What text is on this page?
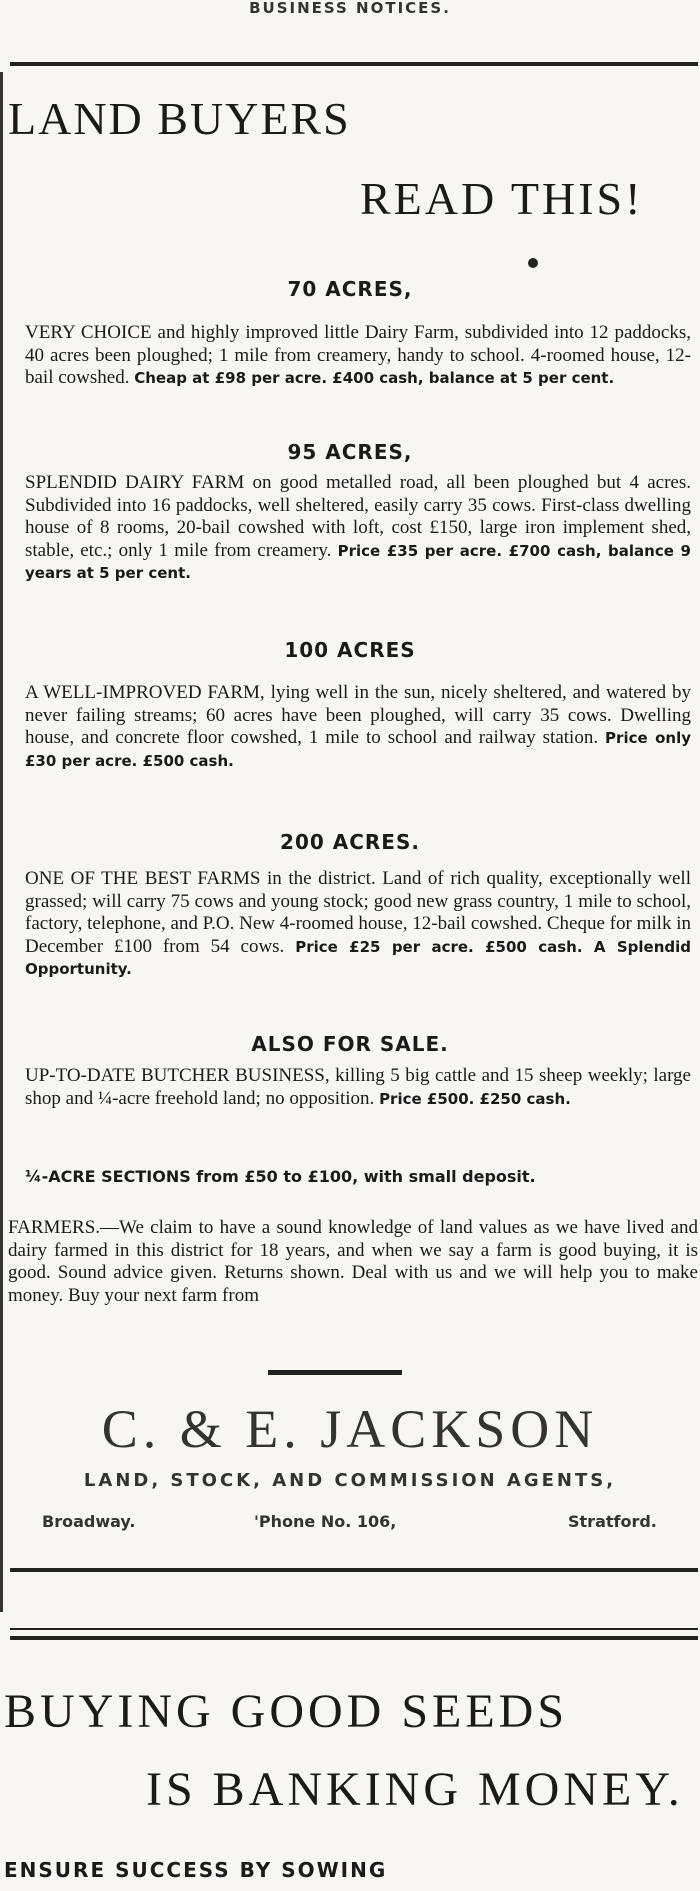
BUSINESS NOTICES.
LAND BUYERS
READ THIS!
70 ACRES,
VERY CHOICE and highly improved little Dairy Farm, subdivided into 12 paddocks, 40 acres been ploughed; 1 mile from creamery, handy to school. 4-roomed house, 12-bail cowshed. Cheap at £98 per acre. £400 cash, balance at 5 per cent.
95 ACRES,
SPLENDID DAIRY FARM on good metalled road, all been ploughed but 4 acres. Subdivided into 16 paddocks, well sheltered, easily carry 35 cows. First-class dwelling house of 8 rooms, 20-bail cowshed with loft, cost £150, large iron implement shed, stable, etc.; only 1 mile from creamery. Price £35 per acre. £700 cash, balance 9 years at 5 per cent.
100 ACRES
A WELL-IMPROVED FARM, lying well in the sun, nicely sheltered, and watered by never failing streams; 60 acres have been ploughed, will carry 35 cows. Dwelling house, and concrete floor cowshed, 1 mile to school and railway station. Price only £30 per acre. £500 cash.
200 ACRES.
ONE OF THE BEST FARMS in the district. Land of rich quality, exceptionally well grassed; will carry 75 cows and young stock; good new grass country, 1 mile to school, factory, telephone, and P.O. New 4-roomed house, 12-bail cowshed. Cheque for milk in December £100 from 54 cows. Price £25 per acre. £500 cash. A Splendid Opportunity.
ALSO FOR SALE.
UP-TO-DATE BUTCHER BUSINESS, killing 5 big cattle and 15 sheep weekly; large shop and ¼-acre freehold land; no opposition. Price £500. £250 cash.
¼-ACRE SECTIONS from £50 to £100, with small deposit.
FARMERS.—We claim to have a sound knowledge of land values as we have lived and dairy farmed in this district for 18 years, and when we say a farm is good buying, it is good. Sound advice given. Returns shown. Deal with us and we will help you to make money. Buy your next farm from
C. & E. JACKSON
LAND, STOCK, AND COMMISSION AGENTS,
Broadway.	'Phone No. 106,	Stratford.
BUYING GOOD SEEDS
IS BANKING MONEY.
ENSURE SUCCESS BY SOWING
